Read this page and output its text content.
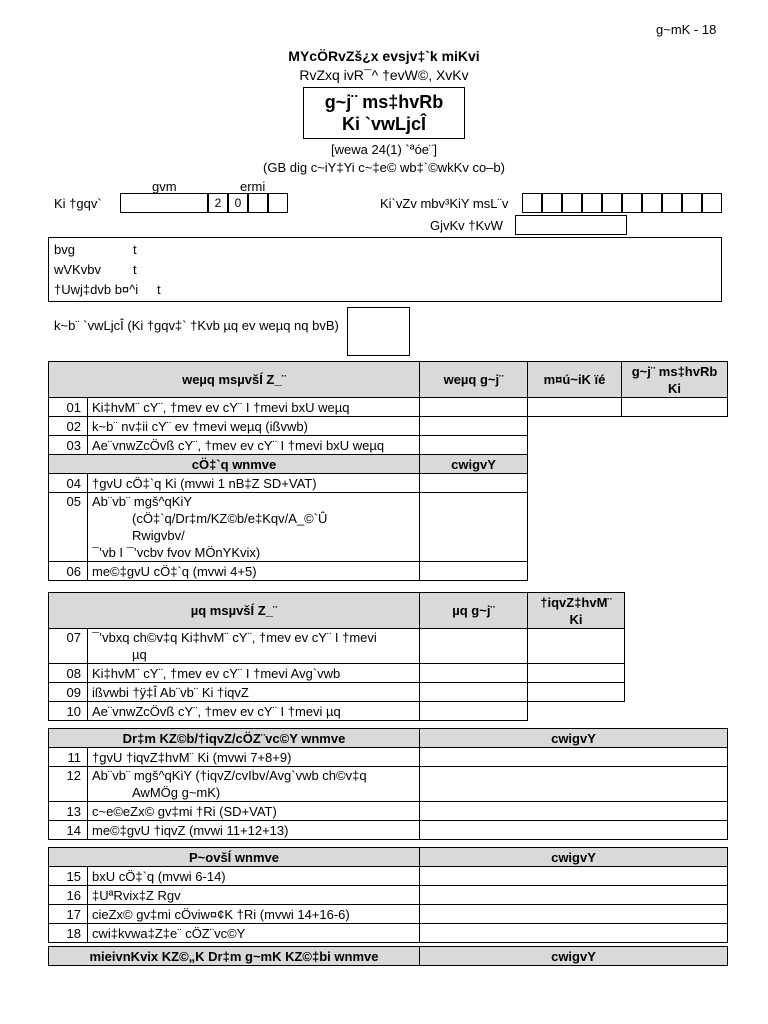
g~mK - 18
MYcÖRvZš¿x evsjv‡`k miKvi
RvZxq ivR¯^ †evW©, XvKv
g~j¨ ms‡hvRb
Ki `vwLjcÎ
[wewa 24(1) `ªóe¨]
(GB dig c~iY‡Yi c~‡e© wb‡`©wkKv co–b)
gvm	ermi
Ki †gqv`	2	0	Ki`vZv mbv³KiY msL¨v
GjvKv †KvW
bvg	t
wVKvbv t
†Uwj‡dvb b¤^i t
k~b¨ `vwLjcÎ (Ki †gqv‡` †Kvb µq ev weµq nq bvB)
weµq msµvšÍ Z_¨		weµq g~j¨	m¤ú~iK ïé	g~j¨ ms‡hvRb Ki
01	Ki‡hvM¨ cY¨, †mev ev cY¨ I †mevi bxU weµq			
02	k~b¨ nv‡ii cY¨ ev †mevi weµq (ißvwb)			
03	Ae¨vnwZcÖvß cY¨, †mev ev cY¨ I †mevi bxU weµq			
cÖ‡`q wnmve		cwigvY		
04	†gvU cÖ‡`q Ki (mvwi 1 nB‡Z SD+VAT)			
05	Ab¨vb¨ mgš^qKiY
(cÖ‡`q/Dr‡m/KZ©b/e‡Kqv/A_©`Û
Rwigvbv/
¯’vb I ¯’vcbv fvov MÖnYKvix)			

06	me©‡gvU cÖ‡`q (mvwi 4+5)			
µq msµvšÍ Z_¨		µq g~j¨	†iqvZ‡hvM¨ Ki
07	¯’vbxq ch©v‡q Ki‡hvM¨ cY¨, †mev ev cY¨ I †mevi
µq		

08	Ki‡hvM¨ cY¨, †mev ev cY¨ I †mevi Avg`vwb		
09	ißvwbi †ÿ‡Î Ab¨vb¨ Ki †iqvZ		
10	Ae¨vnwZcÖvß cY¨, †mev ev cY¨ I †mevi µq		
Dr‡m KZ©b/†iqvZ/cÖZ¨vc©Y wnmve		cwigvY
11	†gvU †iqvZ‡hvM¨ Ki (mvwi 7+8+9)	
12	Ab¨vb¨ mgš^qKiY (†iqvZ/cvIbv/Avg`vwb ch©v‡q
AwMÖg g~mK)	

13	c~e©eZx© gv‡mi †Ri (SD+VAT)	
14	me©‡gvU †iqvZ (mvwi 11+12+13)	
P~ovšÍ wnmve		cwigvY
15	bxU cÖ‡`q (mvwi 6-14)	
16	‡UªRvix‡Z Rgv	
17	cieZx© gv‡mi cÖviw¤¢K †Ri (mvwi 14+16-6)	
18	cwi‡kvwa‡Z‡e¨ cÖZ¨vc©Y	
mieivnKvix KZ©„K Dr‡m g~mK KZ©‡bi wnmve	cwigvY
